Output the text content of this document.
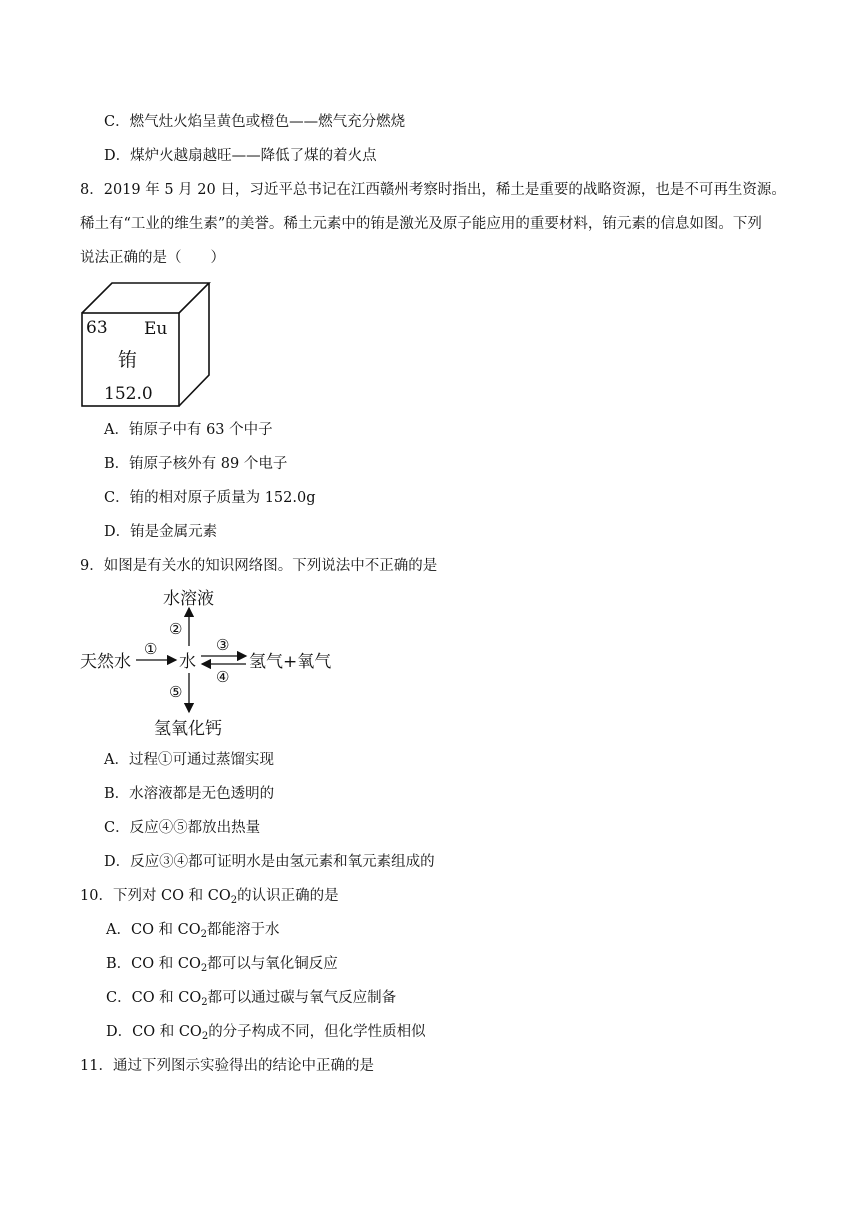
C．燃气灶火焰呈黄色或橙色——燃气充分燃烧
D．煤炉火越扇越旺——降低了煤的着火点
8．2019 年 5 月 20 日，习近平总书记在江西赣州考察时指出，稀土是重要的战略资源，也是不可再生资源。
稀土有“工业的维生素”的美誉。稀土元素中的铕是激光及原子能应用的重要材料，铕元素的信息如图。下列
说法正确的是（　　）
63 Eu
铕
152.0
A．铕原子中有 63 个中子
B．铕原子核外有 89 个电子
C．铕的相对原子质量为 152.0g
D．铕是金属元素
9．如图是有关水的知识网络图。下列说法中不正确的是
水溶液
天然水	水	氢气+氧气
氢氧化钙
①
②
③
④
⑤
A．过程①可通过蒸馏实现
B．水溶液都是无色透明的
C．反应④⑤都放出热量
D．反应③④都可证明水是由氢元素和氧元素组成的
10．下列对 CO 和 $CO_2$的认识正确的是
A．CO 和 $CO_2$都能溶于水
B．CO 和 $CO_2$都可以与氧化铜反应
C．CO 和 $CO_2$都可以通过碳与氧气反应制备
D．CO 和 $CO_2$的分子构成不同，但化学性质相似
11．通过下列图示实验得出的结论中正确的是
